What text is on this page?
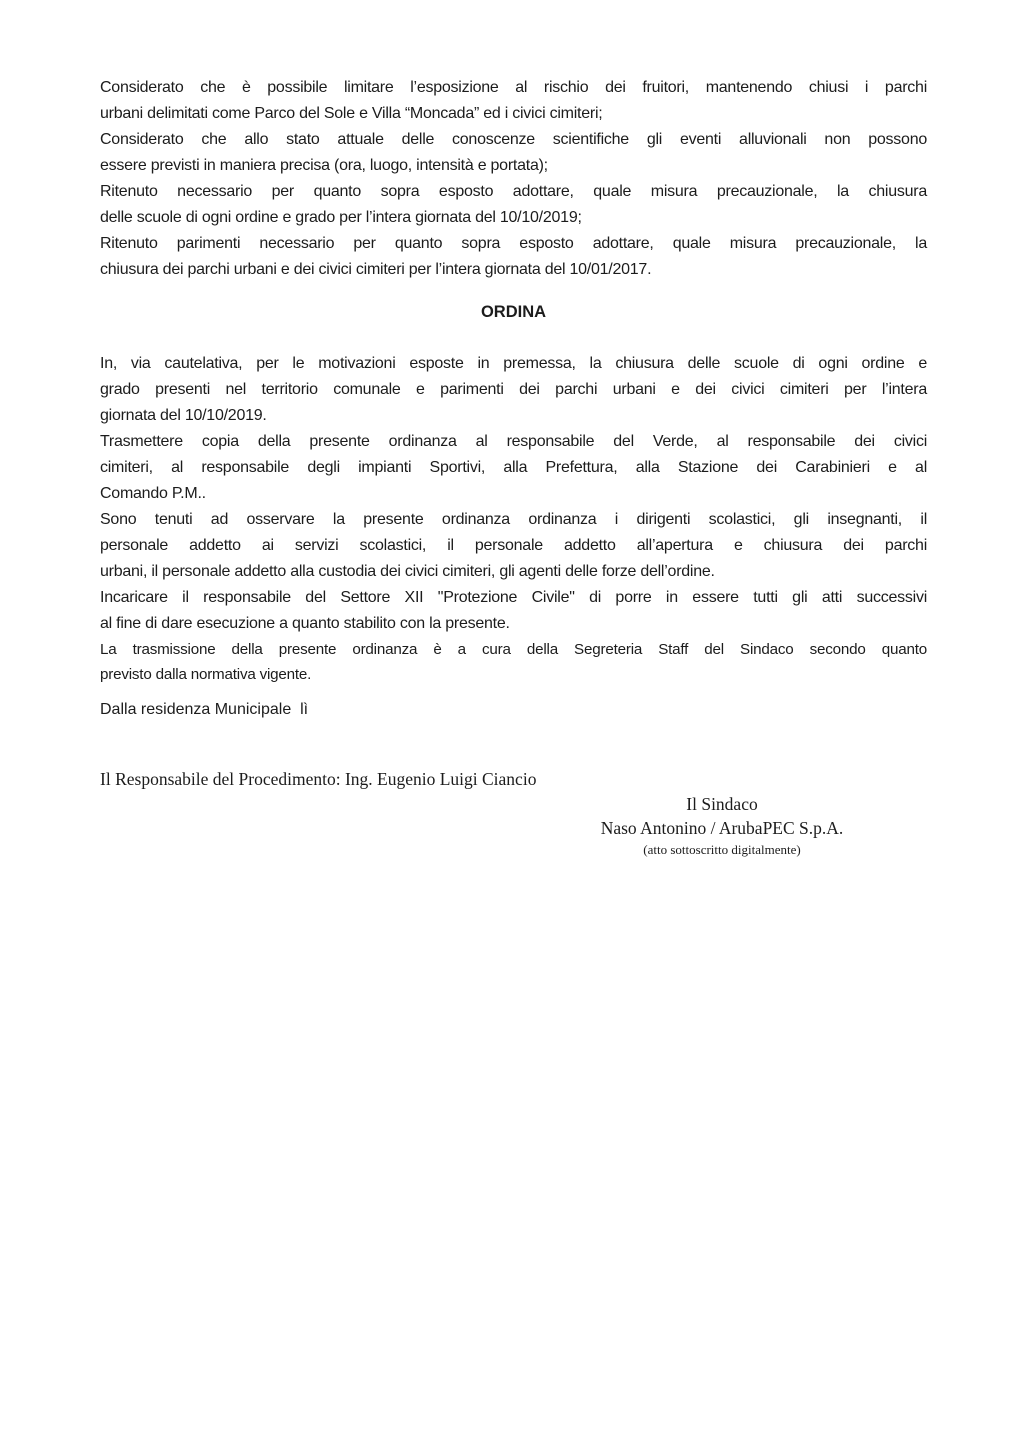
Considerato che è possibile limitare l’esposizione al rischio dei fruitori, mantenendo chiusi i parchi
urbani delimitati come Parco del Sole e Villa “Moncada” ed i civici cimiteri;
Considerato che allo stato attuale delle conoscenze scientifiche gli eventi alluvionali non possono
essere previsti in maniera precisa (ora, luogo, intensità e portata);
Ritenuto necessario per quanto sopra esposto adottare, quale misura precauzionale, la chiusura
delle scuole di ogni ordine e grado per l’intera giornata del 10/10/2019;
Ritenuto parimenti necessario per quanto sopra esposto adottare, quale misura precauzionale, la
chiusura dei parchi urbani e dei civici cimiteri per l’intera giornata del 10/01/2017.
ORDINA
In, via cautelativa, per le motivazioni esposte in premessa, la chiusura delle scuole di ogni ordine e
grado presenti nel territorio comunale e parimenti dei parchi urbani e dei civici cimiteri per l’intera
giornata del 10/10/2019.
Trasmettere copia della presente ordinanza al responsabile del Verde, al responsabile dei civici
cimiteri, al responsabile degli impianti Sportivi, alla Prefettura, alla Stazione dei Carabinieri e al
Comando P.M..
Sono tenuti ad osservare la presente ordinanza ordinanza i dirigenti scolastici, gli insegnanti, il
personale addetto ai servizi scolastici, il personale addetto all’apertura e chiusura dei parchi
urbani, il personale addetto alla custodia dei civici cimiteri, gli agenti delle forze dell’ordine.
Incaricare il responsabile del Settore XII "Protezione Civile" di porre in essere tutti gli atti successivi
al fine di dare esecuzione a quanto stabilito con la presente.
La trasmissione della presente ordinanza è a cura della Segreteria Staff del Sindaco secondo quanto
previsto dalla normativa vigente.

Dalla residenza Municipale  lì

Il Responsabile del Procedimento: Ing. Eugenio Luigi Ciancio

Il Sindaco
Naso Antonino / ArubaPEC S.p.A.
(atto sottoscritto digitalmente)
